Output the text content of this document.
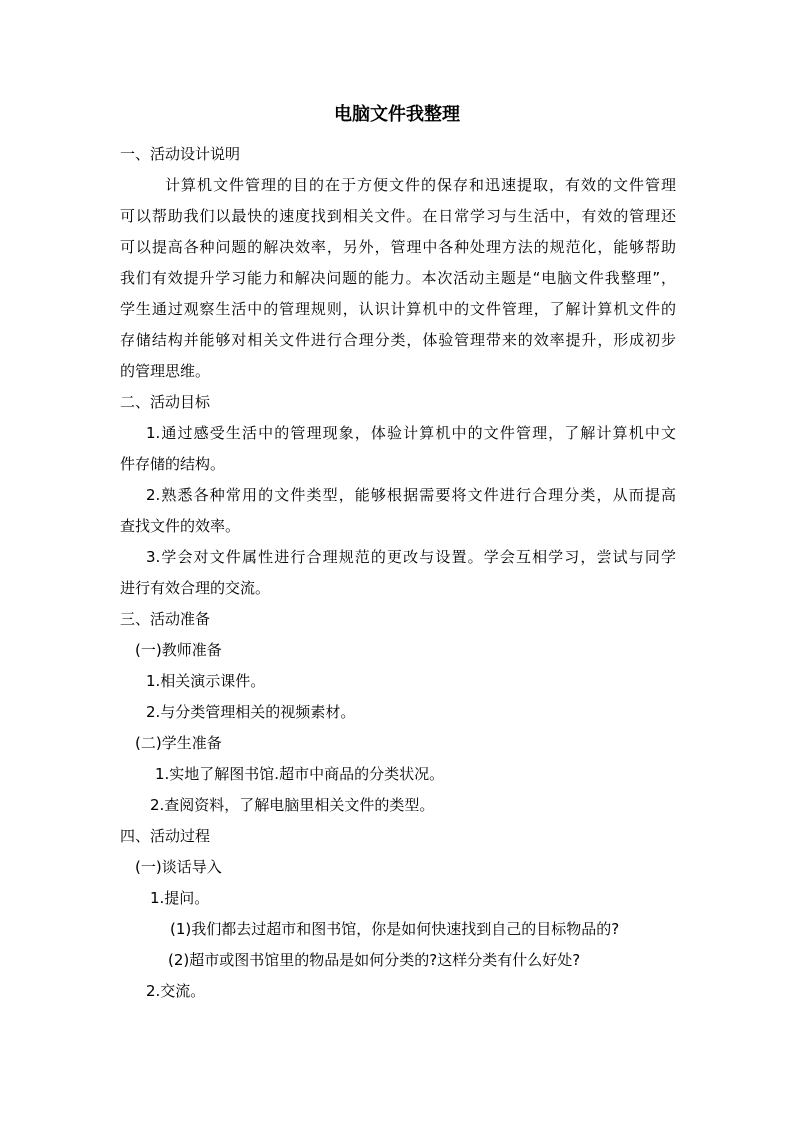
电脑文件我整理
一、活动设计说明
计算机文件管理的目的在于方便文件的保存和迅速提取，有效的文件管理
可以帮助我们以最快的速度找到相关文件。在日常学习与生活中，有效的管理还
可以提高各种问题的解决效率，另外，管理中各种处理方法的规范化，能够帮助
我们有效提升学习能力和解决问题的能力。本次活动主题是“电脑文件我整理”，
学生通过观察生活中的管理规则，认识计算机中的文件管理，了解计算机文件的
存储结构并能够对相关文件进行合理分类，体验管理带来的效率提升，形成初步
的管理思维。
二、活动目标
1.通过感受生活中的管理现象，体验计算机中的文件管理，了解计算机中文
件存储的结构。
2.熟悉各种常用的文件类型，能够根据需要将文件进行合理分类，从而提高
查找文件的效率。
3.学会对文件属性进行合理规范的更改与设置。学会互相学习，尝试与同学
进行有效合理的交流。
三、活动准备
(一)教师准备
1.相关演示课件。
2.与分类管理相关的视频素材。
(二)学生准备
1.实地了解图书馆.超市中商品的分类状况。
2.查阅资料，了解电脑里相关文件的类型。
四、活动过程
(一)谈话导入
1.提问。
(1)我们都去过超市和图书馆，你是如何快速找到自己的目标物品的?
(2)超市或图书馆里的物品是如何分类的?这样分类有什么好处?
2.交流。
